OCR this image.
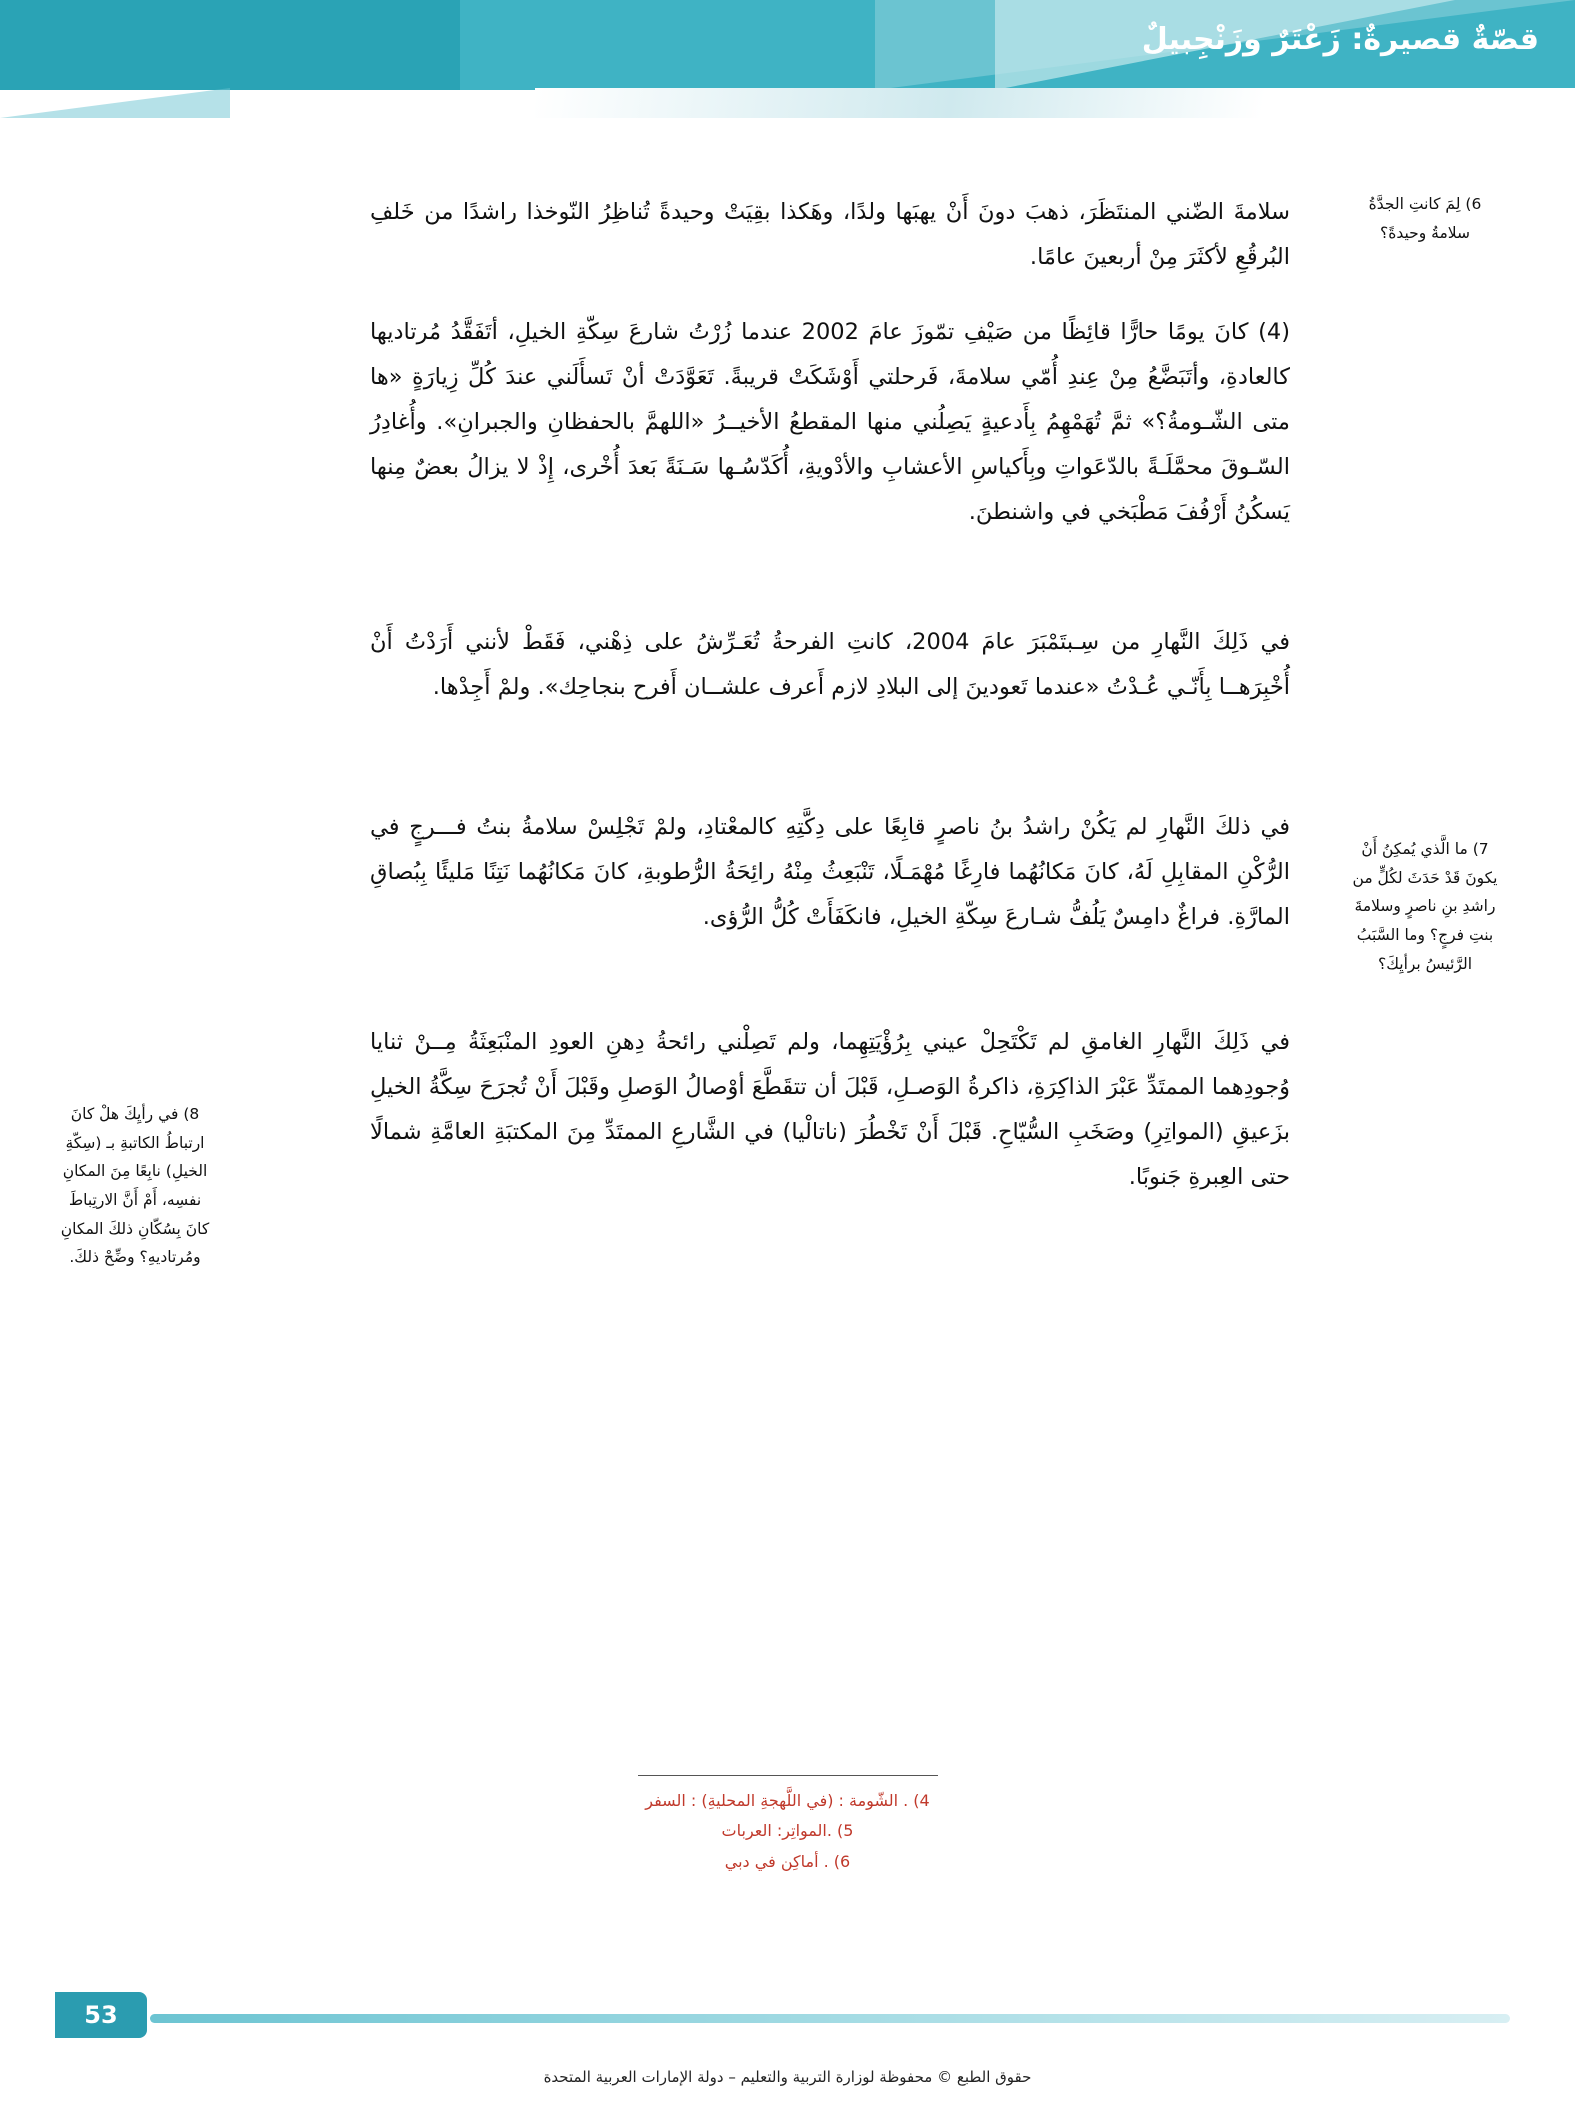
قصّةٌ قصيرةٌ: زَعْتَرٌ وزَنْجِبيلٌ
6) لِمَ كانتِ الجدَّةُ سلامةُ وحيدةً؟

سلامةَ الضّني المنتَظَرَ، ذهبَ دونَ أَنْ يهبَها ولدًا، وهَكذا بقِيَتْ وحيدةً تُناظِرُ النّوخذا راشدًا من خَلفِ البُرقُعِ لأكثَرَ مِنْ أربعينَ عامًا.

(4) كانَ يومًا حارًّا قائِظًا من صَيْفِ تمّوزَ عامَ 2002 عندما زُرْتُ شارعَ سِكّةِ الخيلِ، أتَفَقَّدُ مُرتاديها كالعادةِ، وأتَبَضَّعُ مِنْ عِندِ أُمّي سلامةَ، فَرحلتي أَوْشَكَتْ قريبةً. تَعَوَّدَتْ أنْ تَسأَلَني عندَ كُلِّ زِيارَةٍ «ها متى الشّـومةُ؟» ثمَّ تُهَمْهِمُ بِأَدعيةٍ يَصِلُني منها المقطعُ الأخيــرُ «اللهمَّ بالحفظانِ والجبرانِ». وأُغادِرُ السّـوقَ محمَّلَـةً بالدّعَواتِ وبِأَكياسِ الأعشابِ والأدْويةِ، أُكَدّسُـها سَـنَةً بَعدَ أُخْرى، إِذْ لا يزالُ بعضٌ مِنها يَسكُنُ أَرْفُفَ مَطْبَخي في واشنطنَ.

في ذَلِكَ النَّهارِ من سِـبتَمْبَرَ عامَ 2004، كانتِ الفرحةُ تُعَـرِّشُ على ذِهْني، فَقَطْ لأنني أَرَدْتُ أَنْ أُخْبِرَهــا بِأَنّـي عُـدْتُ «عندما تَعودينَ إلى البلادِ لازم أَعرف علشــان أَفرح بنجاحِك». ولمْ أَجِدْها.

7) ما الَّذي يُمكِنُ أَنْ يكونَ قَدْ حَدَثَ لكُلٍّ من راشدِ بنِ ناصرٍ وسلامةَ بنتِ فرجٍ؟ وما السَّبَبُ الرَّئيسُ برأيِكَ؟

في ذلكَ النَّهارِ لم يَكُنْ راشدُ بنُ ناصرٍ قابِعًا على دِكَّتِهِ كالمعْتادِ، ولمْ تَجْلِسْ سلامةُ بنتُ فـــرجٍ في الرُّكْنِ المقابِلِ لَهُ، كانَ مَكانُهُما فارِغًا مُهْمَـلًا، تَنْبَعِثُ مِنْهُ رائِحَةُ الرُّطوبةِ، كانَ مَكانُهُما نَتِنًا مَليئًا بِبُصاقِ المارَّةِ. فراغٌ دامِسٌ يَلُفُّ شـارعَ سِكّةِ الخيلِ، فانكَفَأَتْ كُلُّ الرُّؤى.

8) في رأيِكَ هلْ كانَ ارتباطُ الكاتبةِ بـ (سِكّةِ الخيلِ) نابِعًا مِنَ المكانِ نفسِه، أَمْ أَنَّ الارتِباطَ كانَ بِسُكّانِ ذلكَ المكانِ ومُرتاديهِ؟ وضِّحْ ذلكَ.

في ذَلِكَ النَّهارِ الغامقِ لم تَكْتَحِلْ عيني بِرُؤْيَتِهِما، ولم تَصِلْني رائحةُ دِهنِ العودِ المنْبَعِثَةُ مِــنْ ثنايا وُجودِهما الممتَدِّ عَبْرَ الذاكِرَةِ، ذاكرةُ الوَصـلِ، قَبْلَ أن تتقَطَّعَ أوْصالُ الوَصلِ وقَبْلَ أَنْ تُجرَحَ سِكَّةُ الخيلِ بزَعيقِ (المواتِرِ) وصَخَبِ السُّيّاحِ. قَبْلَ أَنْ تَخْطُرَ (ناتالْيا) في الشَّارعِ الممتَدِّ مِنَ المكتبَةِ العامَّةِ شمالًا حتى العِبرةِ جَنوبًا.

4) . الشّومة : (في اللَّهجةِ المحليةِ) : السفر
5) .المواتِر: العربات
6) . أماكِن في دبي
53
حقوق الطبع © محفوظة لوزارة التربية والتعليم – دولة الإمارات العربية المتحدة
